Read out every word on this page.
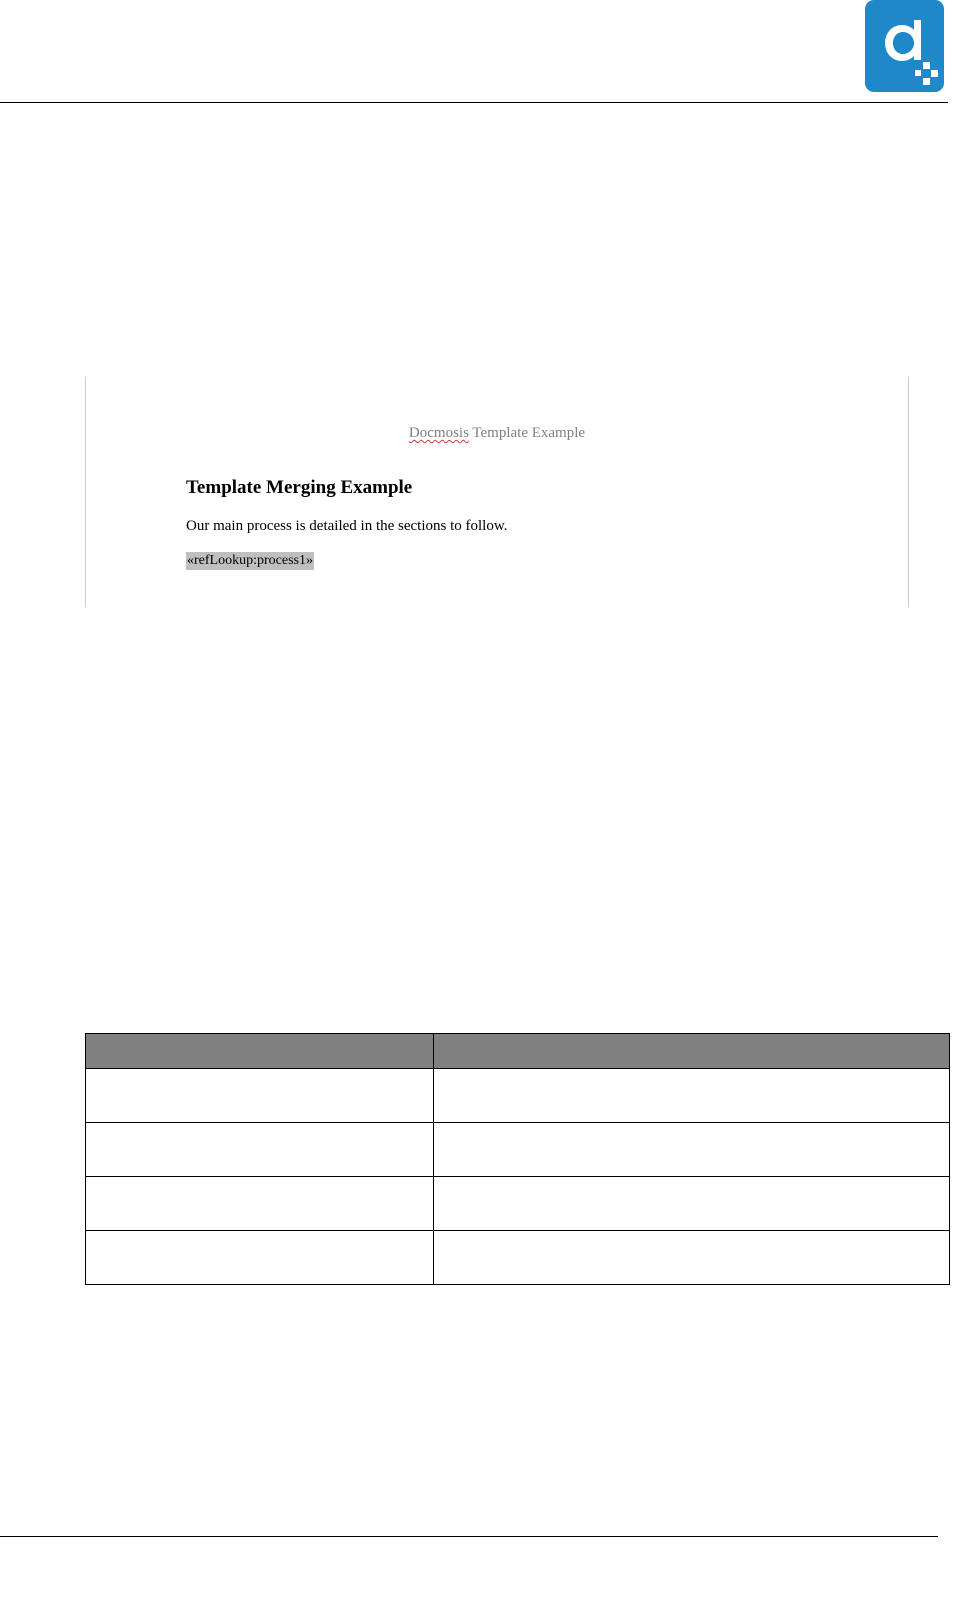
Docmosis Template Example
Template Merging Example
Our main process is detailed in the sections to follow.
«refLookup:process1»
